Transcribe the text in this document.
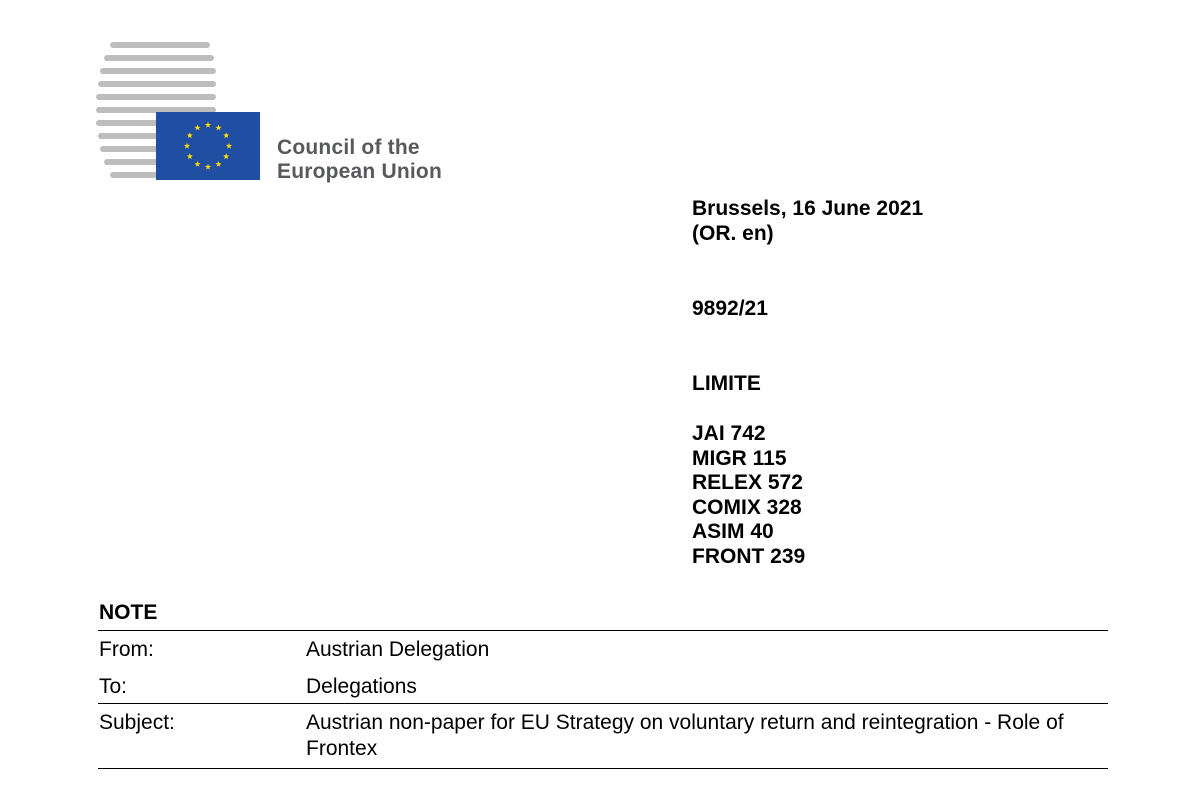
Council of the
European Union
Brussels, 16 June 2021
(OR. en)
9892/21
LIMITE
JAI 742
MIGR 115
RELEX 572
COMIX 328
ASIM 40
FRONT 239
NOTE
From:	Austrian Delegation
To:	Delegations
Subject:	Austrian non-paper for EU Strategy on voluntary return and reintegration - Role of Frontex
